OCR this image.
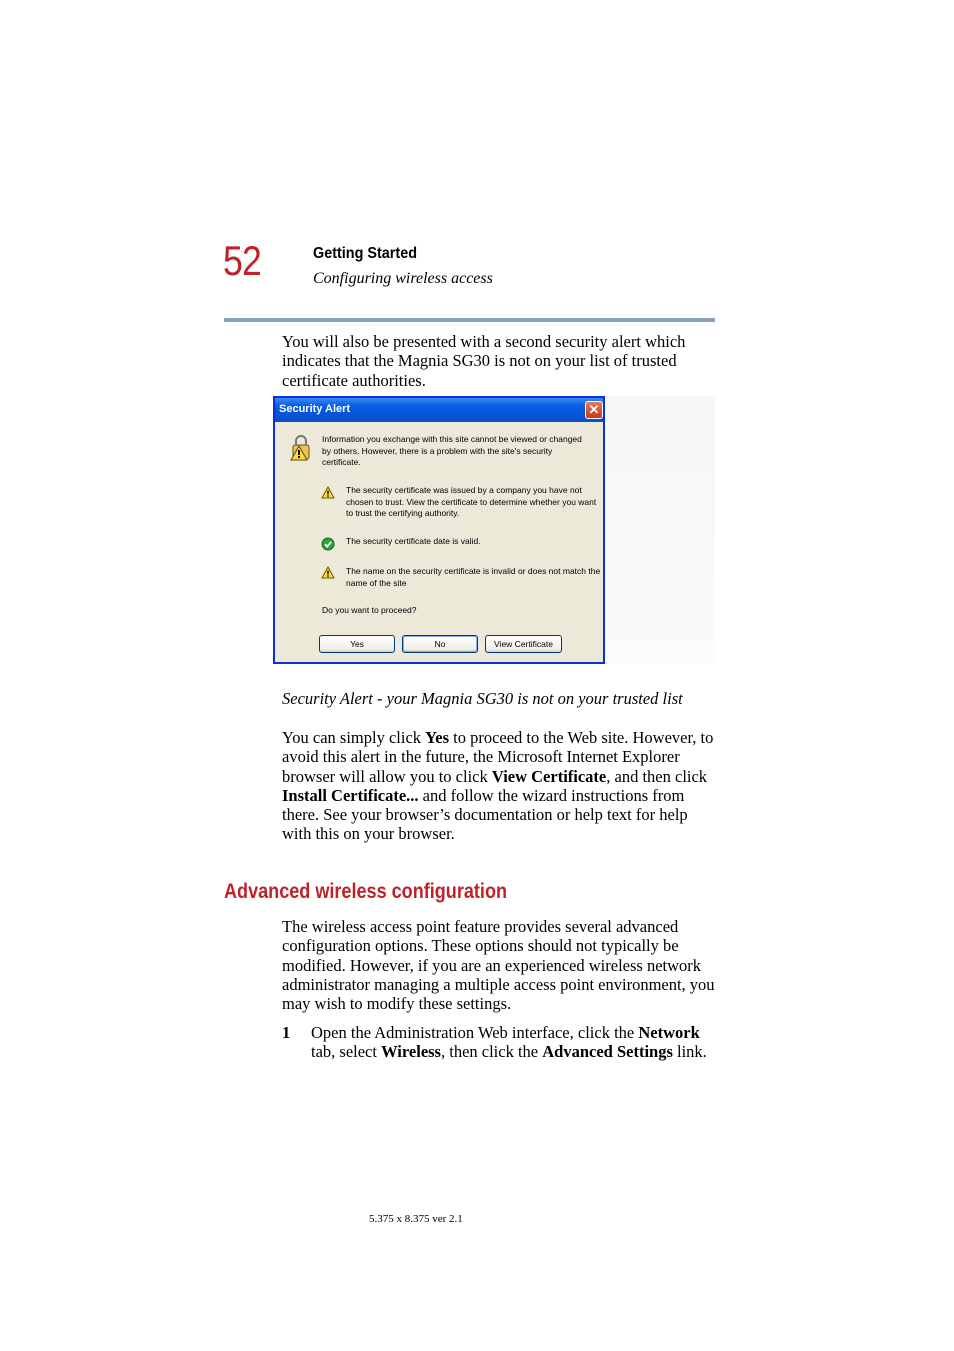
52	Getting Started
Configuring wireless access
You will also be presented with a second security alert which indicates that the Magnia SG30 is not on your list of trusted certificate authorities.
Security Alert	✕
Information you exchange with this site cannot be viewed or changed by others. However, there is a problem with the site's security certificate.
The security certificate was issued by a company you have not chosen to trust. View the certificate to determine whether you want to trust the certifying authority.
The security certificate date is valid.
The name on the security certificate is invalid or does not match the name of the site
Do you want to proceed?
Yes	No	View Certificate
Security Alert - your Magnia SG30 is not on your trusted list
You can simply click Yes to proceed to the Web site. However, to avoid this alert in the future, the Microsoft Internet Explorer browser will allow you to click View Certificate, and then click Install Certificate... and follow the wizard instructions from there. See your browser’s documentation or help text for help with this on your browser.
Advanced wireless configuration
The wireless access point feature provides several advanced configuration options. These options should not typically be modified. However, if you are an experienced wireless network administrator managing a multiple access point environment, you may wish to modify these settings.
1 Open the Administration Web interface, click the Network tab, select Wireless, then click the Advanced Settings link.
5.375 x 8.375 ver 2.1
